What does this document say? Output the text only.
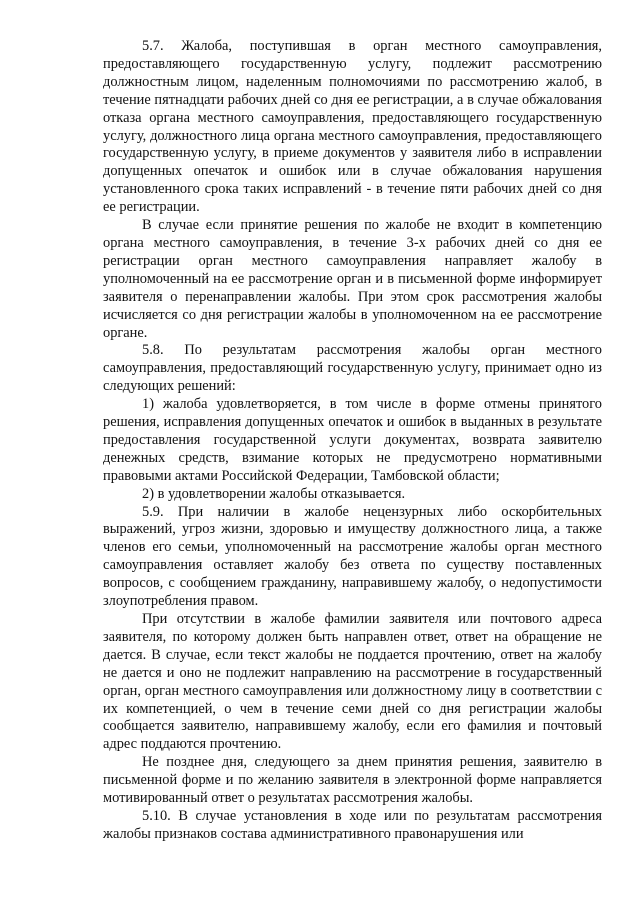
5.7. Жалоба, поступившая в орган местного самоуправления, предоставляющего государственную услугу, подлежит рассмотрению должностным лицом, наделенным полномочиями по рассмотрению жалоб, в течение пятнадцати рабочих дней со дня ее регистрации, а в случае обжалования отказа органа местного самоуправления, предоставляющего государственную услугу, должностного лица органа местного самоуправления, предоставляющего государственную услугу, в приеме документов у заявителя либо в исправлении допущенных опечаток и ошибок или в случае обжалования нарушения установленного срока таких исправлений - в течение пяти рабочих дней со дня ее регистрации.

В случае если принятие решения по жалобе не входит в компетенцию органа местного самоуправления, в течение 3-х рабочих дней со дня ее регистрации орган местного самоуправления направляет жалобу в уполномоченный на ее рассмотрение орган и в письменной форме информирует заявителя о перенаправлении жалобы. При этом срок рассмотрения жалобы исчисляется со дня регистрации жалобы в уполномоченном на ее рассмотрение органе.

5.8. По результатам рассмотрения жалобы орган местного самоуправления, предоставляющий государственную услугу, принимает одно из следующих решений:

1) жалоба удовлетворяется, в том числе в форме отмены принятого решения, исправления допущенных опечаток и ошибок в выданных в результате предоставления государственной услуги документах, возврата заявителю денежных средств, взимание которых не предусмотрено нормативными правовыми актами Российской Федерации, Тамбовской области;

2) в удовлетворении жалобы отказывается.

5.9. При наличии в жалобе нецензурных либо оскорбительных выражений, угроз жизни, здоровью и имуществу должностного лица, а также членов его семьи, уполномоченный на рассмотрение жалобы орган местного самоуправления оставляет жалобу без ответа по существу поставленных вопросов, с сообщением гражданину, направившему жалобу, о недопустимости злоупотребления правом.

При отсутствии в жалобе фамилии заявителя или почтового адреса заявителя, по которому должен быть направлен ответ, ответ на обращение не дается. В случае, если текст жалобы не поддается прочтению, ответ на жалобу не дается и оно не подлежит направлению на рассмотрение в государственный орган, орган местного самоуправления или должностному лицу в соответствии с их компетенцией, о чем в течение семи дней со дня регистрации жалобы сообщается заявителю, направившему жалобу, если его фамилия и почтовый адрес поддаются прочтению.

Не позднее дня, следующего за днем принятия решения, заявителю в письменной форме и по желанию заявителя в электронной форме направляется мотивированный ответ о результатах рассмотрения жалобы.

5.10. В случае установления в ходе или по результатам рассмотрения жалобы признаков состава административного правонарушения или
